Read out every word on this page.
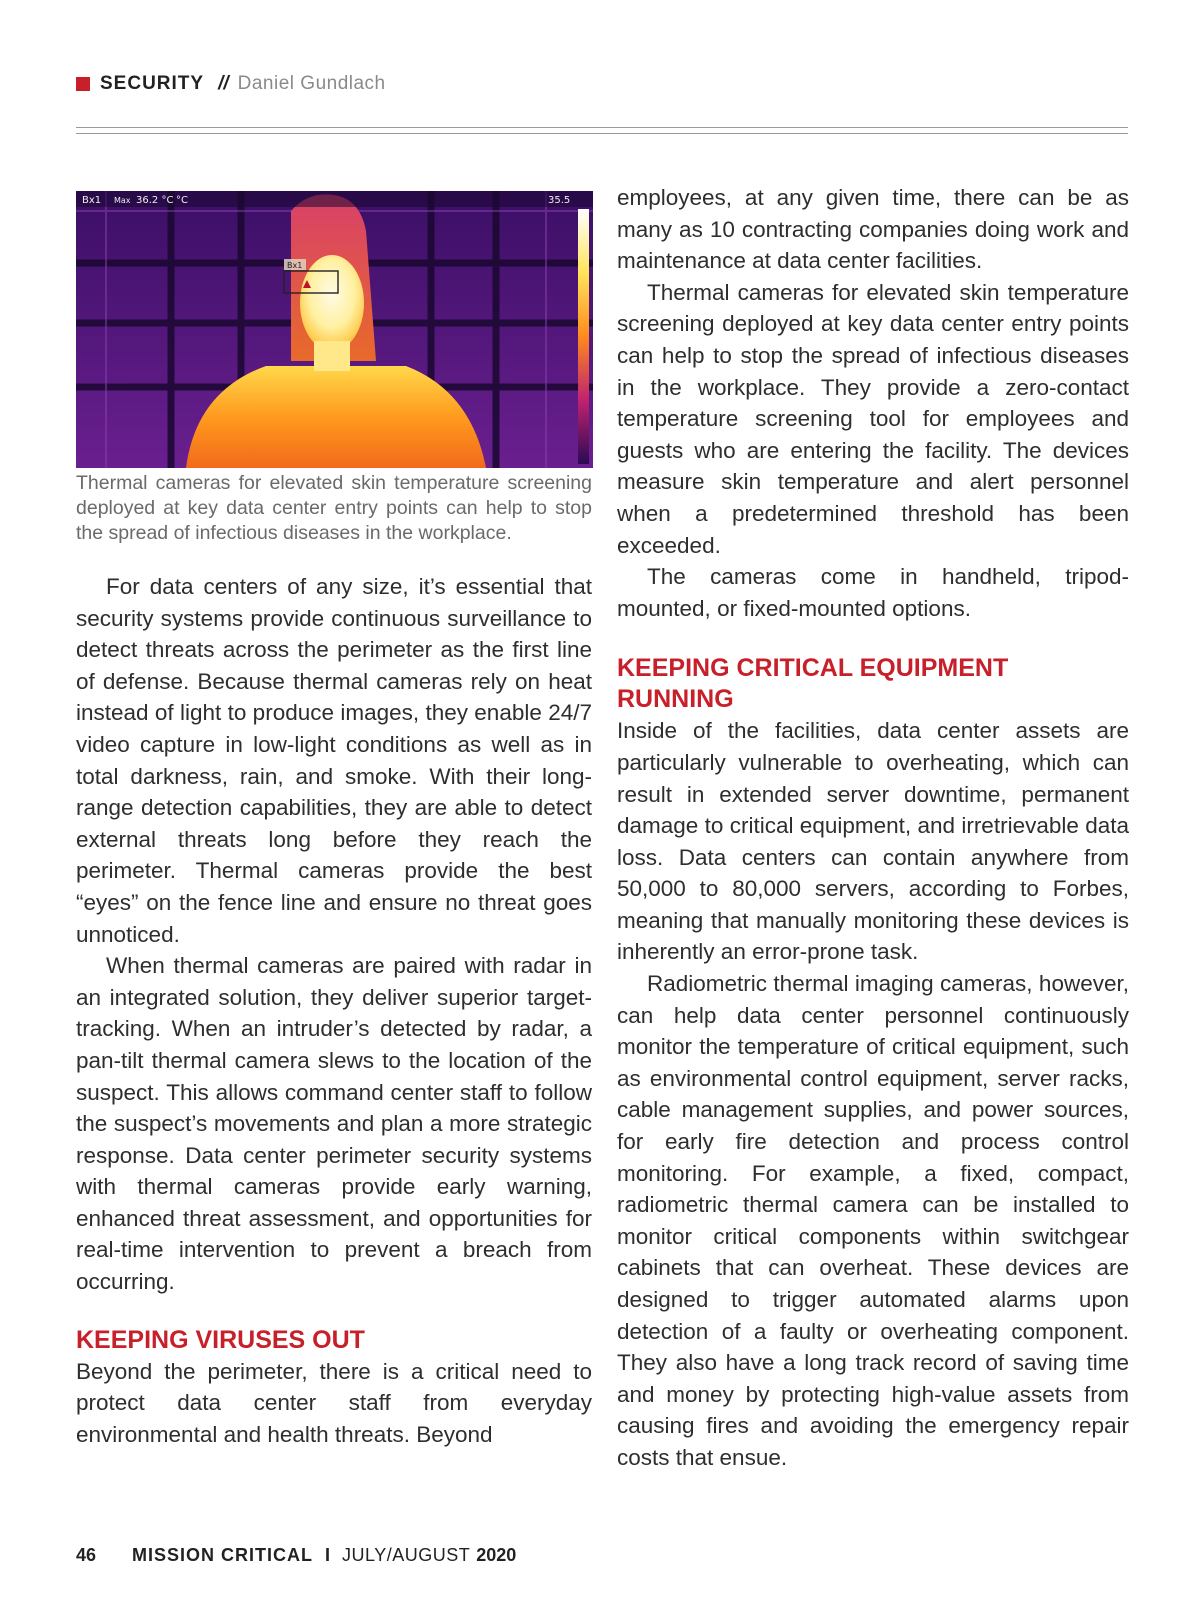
SECURITY // Daniel Gundlach
Bx1
Bx1 Max 36.2 °C °C	35.5
Thermal cameras for elevated skin temperature screening deployed at key data center entry points can help to stop the spread of infectious diseases in the workplace.

For data centers of any size, it’s essential that security systems provide continuous surveillance to detect threats across the perimeter as the first line of defense. Because thermal cameras rely on heat instead of light to produce images, they enable 24/7 video capture in low-light conditions as well as in total darkness, rain, and smoke. With their long-range detection capabilities, they are able to detect external threats long before they reach the perimeter. Thermal cameras provide the best “eyes” on the fence line and ensure no threat goes unnoticed.

When thermal cameras are paired with radar in an integrated solution, they deliver superior target-tracking. When an intruder’s detected by radar, a pan-tilt thermal camera slews to the location of the suspect. This allows command center staff to follow the suspect’s movements and plan a more strategic response. Data center perimeter security systems with thermal cameras provide early warning, enhanced threat assessment, and opportunities for real-time intervention to prevent a breach from occurring.

KEEPING VIRUSES OUT

Beyond the perimeter, there is a critical need to protect data center staff from everyday environmental and health threats. Beyond

employees, at any given time, there can be as many as 10 contracting companies doing work and maintenance at data center facilities.

Thermal cameras for elevated skin temperature screening deployed at key data center entry points can help to stop the spread of infectious diseases in the workplace. They provide a zero-contact temperature screening tool for employees and guests who are entering the facility. The devices measure skin temperature and alert personnel when a predetermined threshold has been exceeded.

The cameras come in handheld, tripod-mounted, or fixed-mounted options.

KEEPING CRITICAL EQUIPMENT RUNNING

Inside of the facilities, data center assets are particularly vulnerable to overheating, which can result in extended server downtime, permanent damage to critical equipment, and irretrievable data loss. Data centers can contain anywhere from 50,000 to 80,000 servers, according to Forbes, meaning that manually monitoring these devices is inherently an error-prone task.

Radiometric thermal imaging cameras, however, can help data center personnel continuously monitor the temperature of critical equipment, such as environmental control equipment, server racks, cable management supplies, and power sources, for early fire detection and process control monitoring. For example, a fixed, compact, radiometric thermal camera can be installed to monitor critical components within switchgear cabinets that can overheat. These devices are designed to trigger automated alarms upon detection of a faulty or overheating component. They also have a long track record of saving time and money by protecting high-value assets from causing fires and avoiding the emergency repair costs that ensue.

46 MISSION CRITICAL I JULY/AUGUST 2020
